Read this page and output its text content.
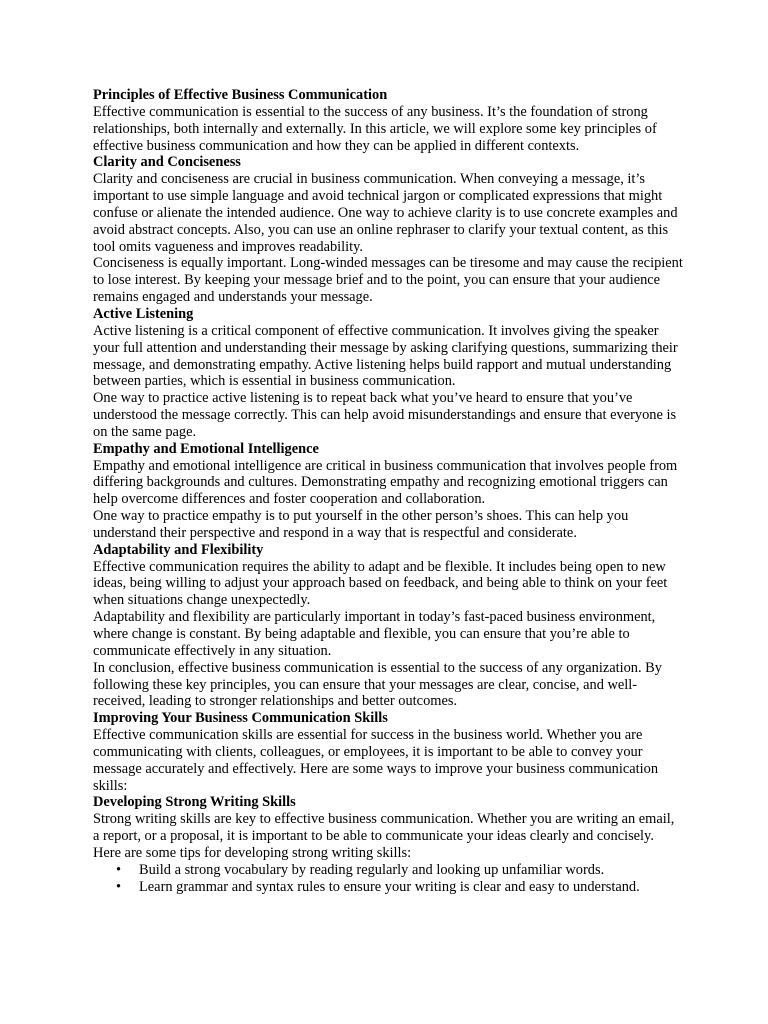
Principles of Effective Business Communication

Effective communication is essential to the success of any business. It’s the foundation of strong relationships, both internally and externally. In this article, we will explore some key principles of effective business communication and how they can be applied in different contexts.

Clarity and Conciseness

Clarity and conciseness are crucial in business communication. When conveying a message, it’s important to use simple language and avoid technical jargon or complicated expressions that might confuse or alienate the intended audience. One way to achieve clarity is to use concrete examples and avoid abstract concepts. Also, you can use an online rephraser to clarify your textual content, as this tool omits vagueness and improves readability.

Conciseness is equally important. Long-winded messages can be tiresome and may cause the recipient to lose interest. By keeping your message brief and to the point, you can ensure that your audience remains engaged and understands your message.

Active Listening

Active listening is a critical component of effective communication. It involves giving the speaker your full attention and understanding their message by asking clarifying questions, summarizing their message, and demonstrating empathy. Active listening helps build rapport and mutual understanding between parties, which is essential in business communication.

One way to practice active listening is to repeat back what you’ve heard to ensure that you’ve understood the message correctly. This can help avoid misunderstandings and ensure that everyone is on the same page.

Empathy and Emotional Intelligence

Empathy and emotional intelligence are critical in business communication that involves people from differing backgrounds and cultures. Demonstrating empathy and recognizing emotional triggers can help overcome differences and foster cooperation and collaboration.

One way to practice empathy is to put yourself in the other person’s shoes. This can help you understand their perspective and respond in a way that is respectful and considerate.

Adaptability and Flexibility

Effective communication requires the ability to adapt and be flexible. It includes being open to new ideas, being willing to adjust your approach based on feedback, and being able to think on your feet when situations change unexpectedly.

Adaptability and flexibility are particularly important in today’s fast-paced business environment, where change is constant. By being adaptable and flexible, you can ensure that you’re able to communicate effectively in any situation.

In conclusion, effective business communication is essential to the success of any organization. By following these key principles, you can ensure that your messages are clear, concise, and well-received, leading to stronger relationships and better outcomes.

Improving Your Business Communication Skills

Effective communication skills are essential for success in the business world. Whether you are communicating with clients, colleagues, or employees, it is important to be able to convey your message accurately and effectively. Here are some ways to improve your business communication skills:

Developing Strong Writing Skills

Strong writing skills are key to effective business communication. Whether you are writing an email, a report, or a proposal, it is important to be able to communicate your ideas clearly and concisely. Here are some tips for developing strong writing skills:

• Build a strong vocabulary by reading regularly and looking up unfamiliar words.
• Learn grammar and syntax rules to ensure your writing is clear and easy to understand.
